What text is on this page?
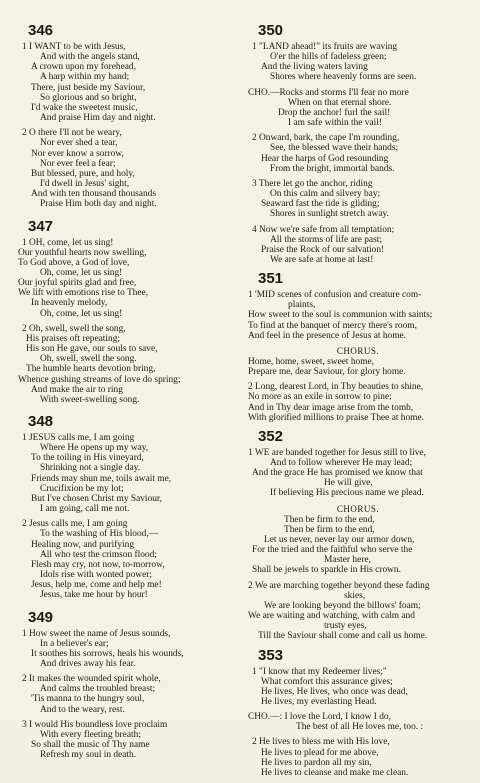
346
1 I WANT to be with Jesus,
And with the angels stand,
A crown upon my forehead,
A harp within my hand;
There, just beside my Saviour,
So glorious and so bright,
I'd wake the sweetest music,
And praise Him day and night.
2 O there I'll not be weary,
Nor ever shed a tear,
Nor ever know a sorrow,
Nor ever feel a fear;
But blessed, pure, and holy,
I'd dwell in Jesus' sight,
And with ten thousand thousands
Praise Him both day and night.
347
1 OH, come, let us sing!
Our youthful hearts now swelling,
To God above, a God of love,
Oh, come, let us sing!
Our joyful spirits glad and free,
We lift with emotions rise to Thee,
In heavenly melody,
Oh, come, let us sing!
2 Oh, swell, swell the song,
His praises oft repeating;
His son He gave, our souls to save,
Oh, swell, swell the song.
The humble hearts devotion bring,
Whence gushing streams of love do spring;
And make the air to ring
With sweet-swelling song.
348
1 JESUS calls me, I am going
Where He opens up my way,
To the toiling in His vineyard,
Shrinking not a single day.
Friends may shun me, toils await me,
Crucifixion be my lot;
But I've chosen Christ my Saviour,
I am going, call me not.
2 Jesus calls me, I am going
To the washing of His blood,—
Healing now, and purifying
All who test the crimson flood;
Flesh may cry, not now, to-morrow,
Idols rise with wonted power;
Jesus, help me, come and help me!
Jesus, take me hour by hour!
349
1 How sweet the name of Jesus sounds,
In a believer's ear;
It soothes his sorrows, heals his wounds,
And drives away his fear.
2 It makes the wounded spirit whole,
And calms the troubled breast;
'Tis manna to the hungry soul,
And to the weary, rest.
3 I would His boundless love proclaim
With every fleeting breath;
So shall the music of Thy name
Refresh my soul in death.
350
1 "LAND ahead!" its fruits are waving
O'er the hills of fadeless green;
And the living waters laving
Shores where heavenly forms are seen.
CHO.—Rocks and storms I'll fear no more
When on that eternal shore.
Drop the anchor! furl the sail!
I am safe within the vail!
2 Onward, bark, the cape I'm rounding,
See, the blessed wave their hands;
Hear the harps of God resounding
From the bright, immortal bands.
3 There let go the anchor, riding
On this calm and silvery bay;
Seaward fast the tide is gliding;
Shores in sunlight stretch away.
4 Now we're safe from all temptation;
All the storms of life are past;
Praise the Rock of our salvation!
We are safe at home at last!
351
1 'MID scenes of confusion and creature com-
plaints,
How sweet to the soul is communion with saints;
To find at the banquet of mercy there's room,
And feel in the presence of Jesus at home.
CHORUS.
Home, home, sweet, sweet home,
Prepare me, dear Saviour, for glory home.
2 Long, dearest Lord, in Thy beauties to shine,
No more as an exile in sorrow to pine;
And in Thy dear image arise from the tomb,
With glorified millions to praise Thee at home.
352
1 WE are banded together for Jesus still to live,
And to follow wherever He may lead;
And the grace He has promised we know that
He will give,
If believing His precious name we plead.
CHORUS.
Then be firm to the end,
Then be firm to the end,
Let us never, never lay our armor down,
For the tried and the faithful who serve the
Master here,
Shall be jewels to sparkle in His crown.
2 We are marching together beyond these fading
skies,
We are looking beyond the billows' foam;
We are waiting and watching, with calm and
trusty eyes,
Till the Saviour shall come and call us home.
353
1 "I know that my Redeemer lives;"
What comfort this assurance gives;
He lives, He lives, who once was dead,
He lives, my everlasting Head.
CHO.—: I love the Lord, I know I do,
The best of all He loves me, too. :
2 He lives to bless me with His love,
He lives to plead for me above,
He lives to pardon all my sin,
He lives to cleanse and make me clean.
